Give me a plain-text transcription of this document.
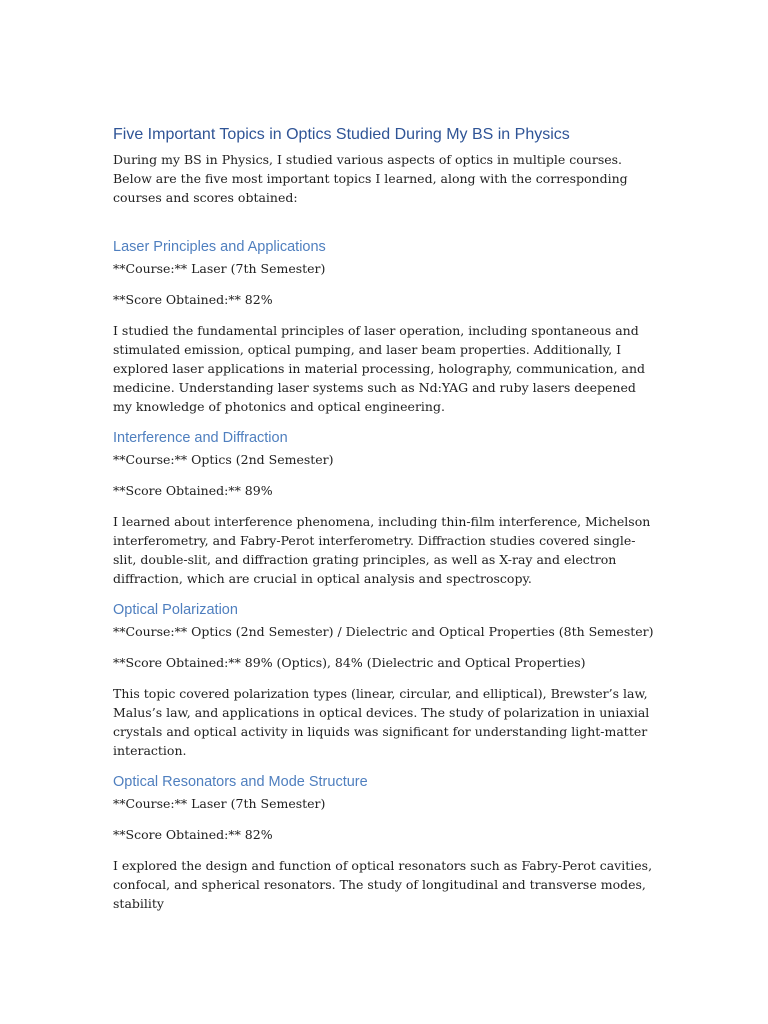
Five Important Topics in Optics Studied During My BS in Physics

During my BS in Physics, I studied various aspects of optics in multiple courses. Below are the five most important topics I learned, along with the corresponding courses and scores obtained:

Laser Principles and Applications

**Course:** Laser (7th Semester)

**Score Obtained:** 82%

I studied the fundamental principles of laser operation, including spontaneous and stimulated emission, optical pumping, and laser beam properties. Additionally, I explored laser applications in material processing, holography, communication, and medicine. Understanding laser systems such as Nd:YAG and ruby lasers deepened my knowledge of photonics and optical engineering.

Interference and Diffraction

**Course:** Optics (2nd Semester)

**Score Obtained:** 89%

I learned about interference phenomena, including thin-film interference, Michelson interferometry, and Fabry-Perot interferometry. Diffraction studies covered single-slit, double-slit, and diffraction grating principles, as well as X-ray and electron diffraction, which are crucial in optical analysis and spectroscopy.

Optical Polarization

**Course:** Optics (2nd Semester) / Dielectric and Optical Properties (8th Semester)

**Score Obtained:** 89% (Optics), 84% (Dielectric and Optical Properties)

This topic covered polarization types (linear, circular, and elliptical), Brewster’s law, Malus’s law, and applications in optical devices. The study of polarization in uniaxial crystals and optical activity in liquids was significant for understanding light-matter interaction.

Optical Resonators and Mode Structure

**Course:** Laser (7th Semester)

**Score Obtained:** 82%

I explored the design and function of optical resonators such as Fabry-Perot cavities, confocal, and spherical resonators. The study of longitudinal and transverse modes, stability
